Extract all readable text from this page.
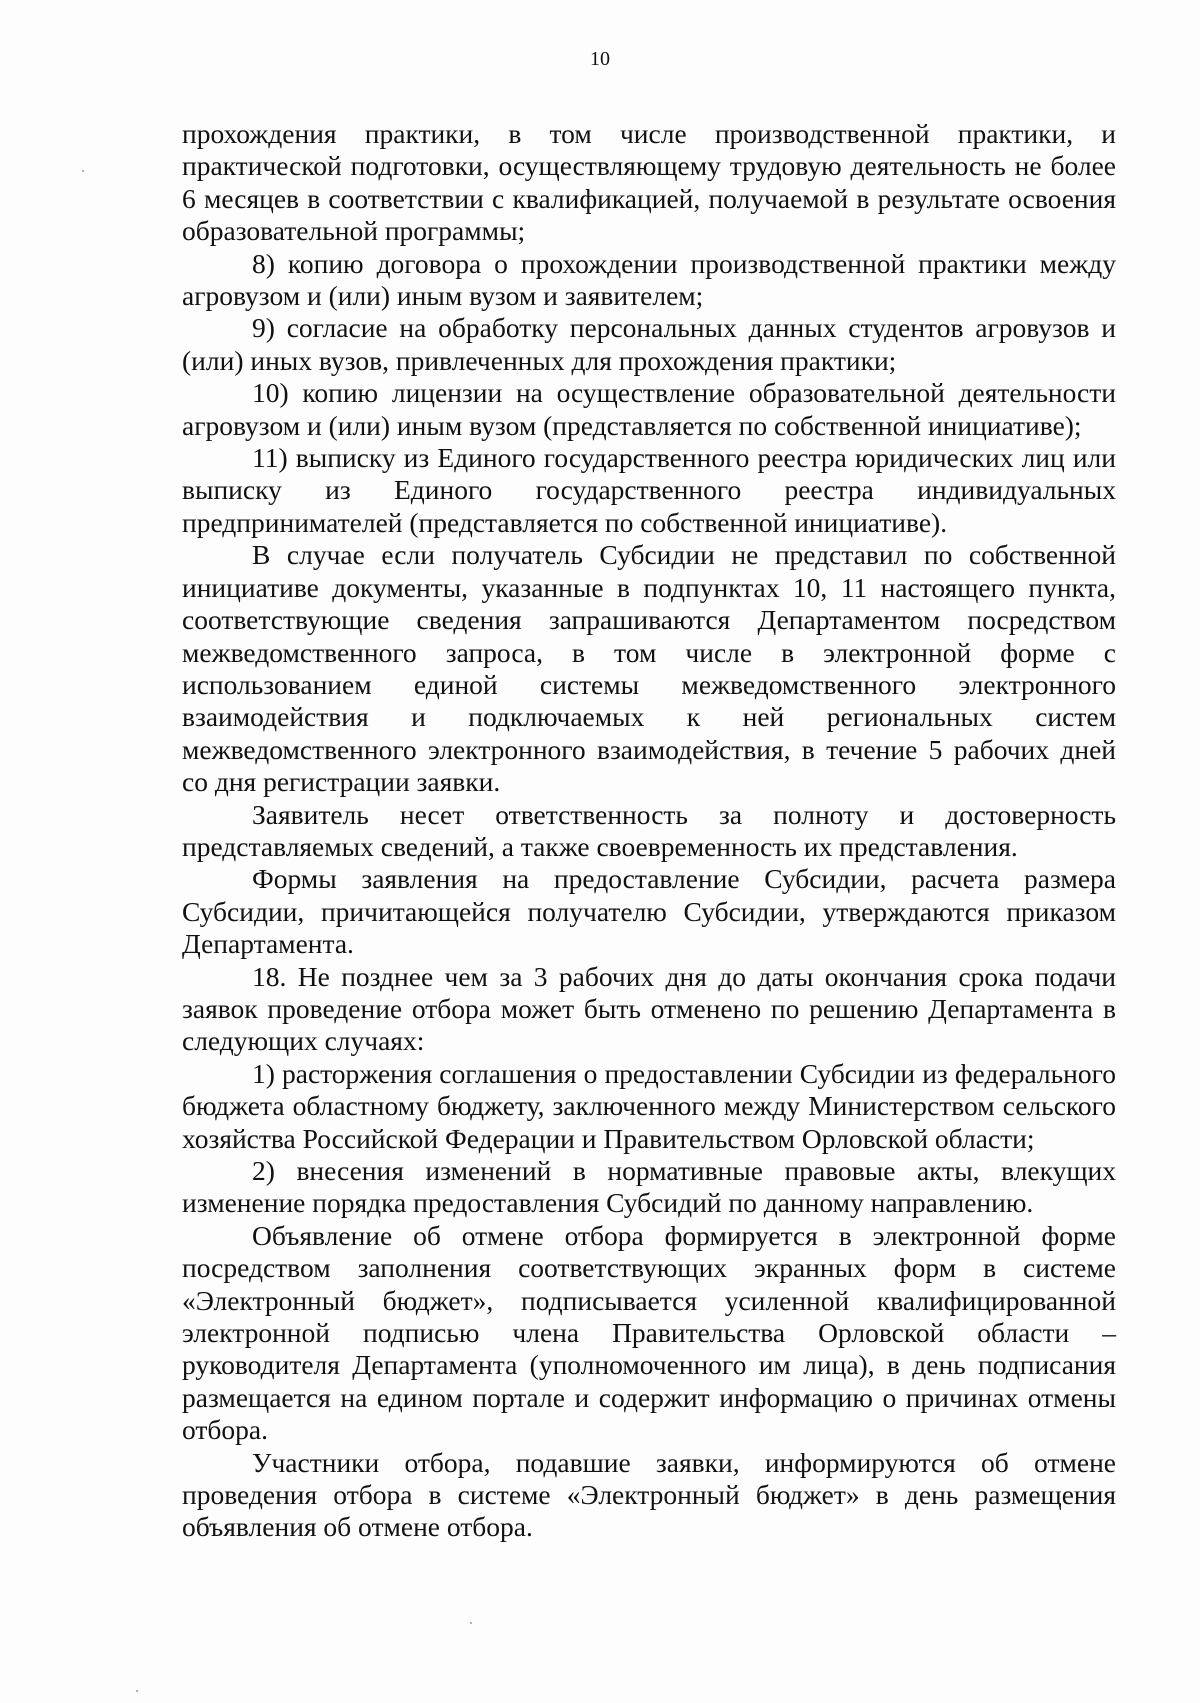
10

прохождения практики, в том числе производственной практики, и практической подготовки, осуществляющему трудовую деятельность не более 6 месяцев в соответствии с квалификацией, получаемой в результате освоения образовательной программы;

8) копию договора о прохождении производственной практики между агровузом и (или) иным вузом и заявителем;

9) согласие на обработку персональных данных студентов агровузов и (или) иных вузов, привлеченных для прохождения практики;

10) копию лицензии на осуществление образовательной деятельности агровузом и (или) иным вузом (представляется по собственной инициативе);

11) выписку из Единого государственного реестра юридических лиц или выписку из Единого государственного реестра индивидуальных предпринимателей (представляется по собственной инициативе).

В случае если получатель Субсидии не представил по собственной инициативе документы, указанные в подпунктах 10, 11 настоящего пункта, соответствующие сведения запрашиваются Департаментом посредством межведомственного запроса, в том числе в электронной форме с использованием единой системы межведомственного электронного взаимодействия и подключаемых к ней региональных систем межведомственного электронного взаимодействия, в течение 5 рабочих дней со дня регистрации заявки.

Заявитель несет ответственность за полноту и достоверность представляемых сведений, а также своевременность их представления.

Формы заявления на предоставление Субсидии, расчета размера Субсидии, причитающейся получателю Субсидии, утверждаются приказом Департамента.

18. Не позднее чем за 3 рабочих дня до даты окончания срока подачи заявок проведение отбора может быть отменено по решению Департамента в следующих случаях:

1) расторжения соглашения о предоставлении Субсидии из федерального бюджета областному бюджету, заключенного между Министерством сельского хозяйства Российской Федерации и Правительством Орловской области;

2) внесения изменений в нормативные правовые акты, влекущих изменение порядка предоставления Субсидий по данному направлению.

Объявление об отмене отбора формируется в электронной форме посредством заполнения соответствующих экранных форм в системе «Электронный бюджет», подписывается усиленной квалифицированной электронной подписью члена Правительства Орловской области – руководителя Департамента (уполномоченного им лица), в день подписания размещается на едином портале и содержит информацию о причинах отмены отбора.

Участники отбора, подавшие заявки, информируются об отмене проведения отбора в системе «Электронный бюджет» в день размещения объявления об отмене отбора.
